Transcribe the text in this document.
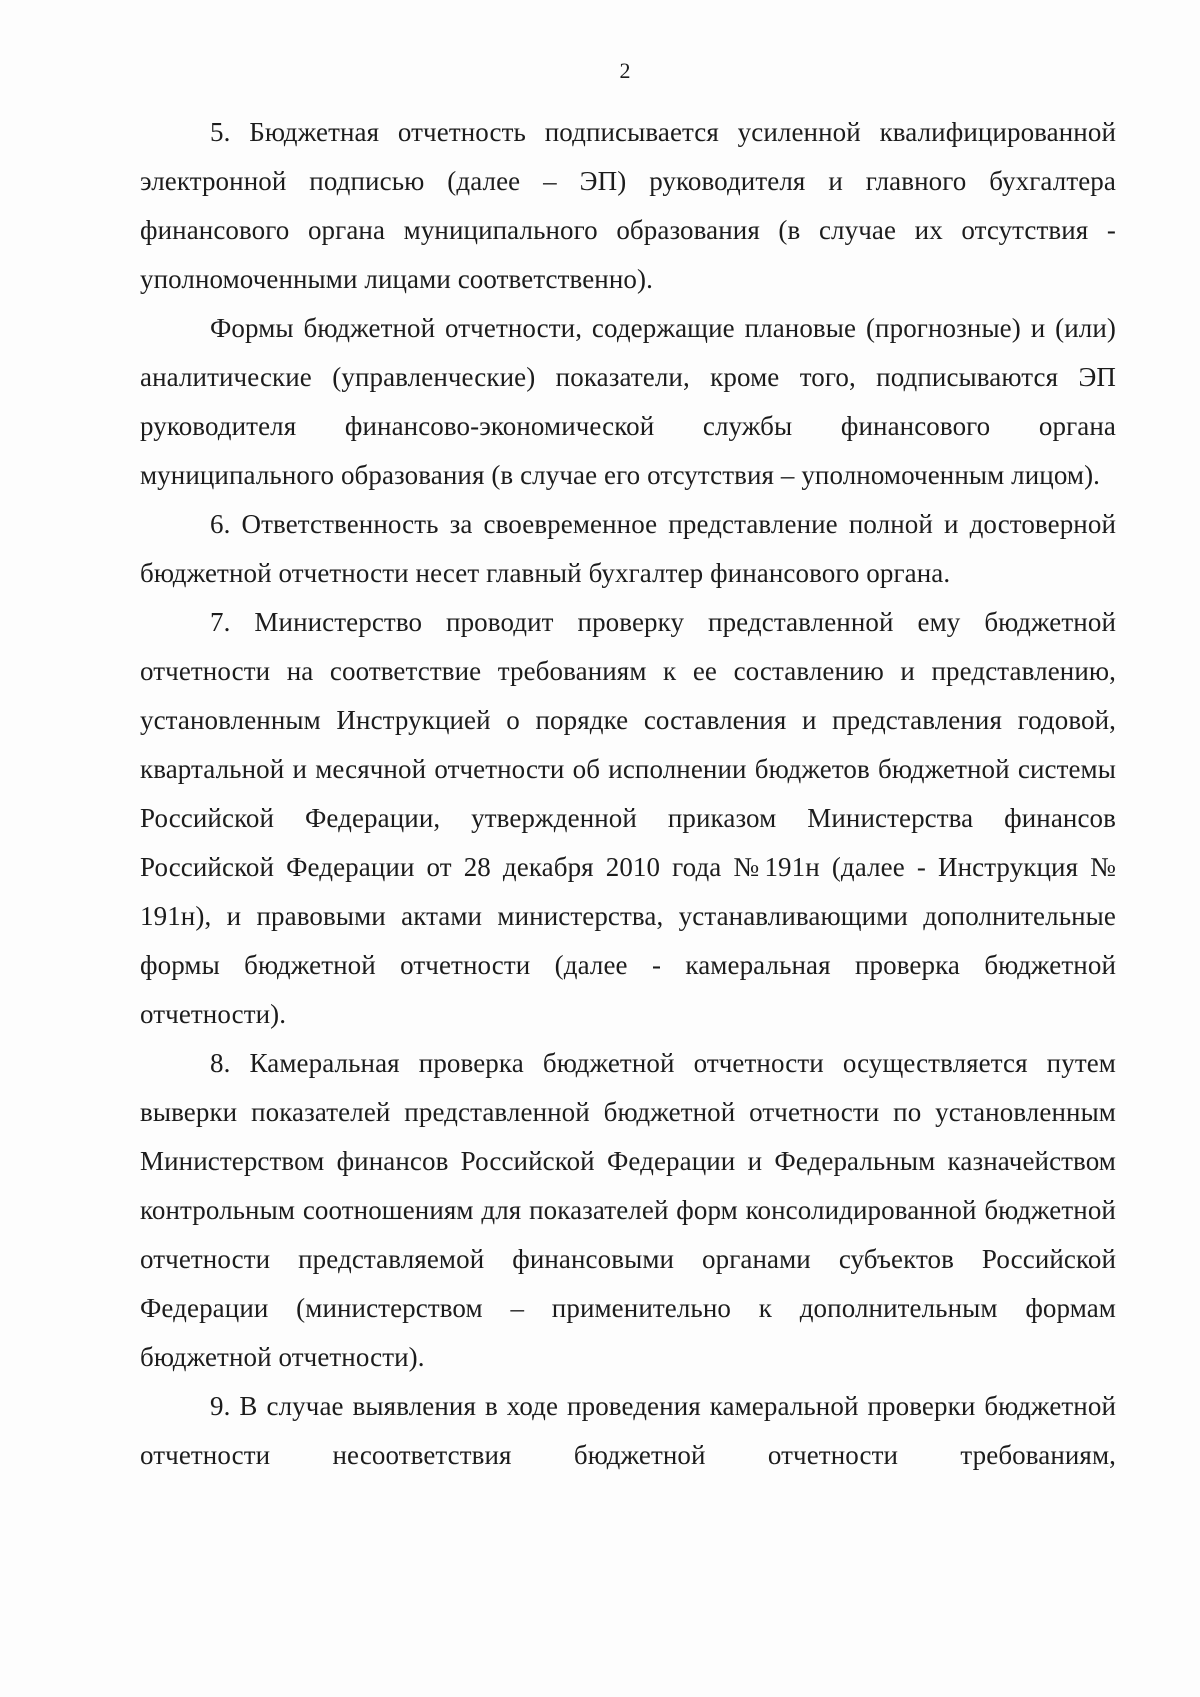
2

5. Бюджетная отчетность подписывается усиленной квалифицированной электронной подписью (далее – ЭП) руководителя и главного бухгалтера финансового органа муниципального образования (в случае их отсутствия - уполномоченными лицами соответственно).

Формы бюджетной отчетности, содержащие плановые (прогнозные) и (или) аналитические (управленческие) показатели, кроме того, подписываются ЭП руководителя финансово-экономической службы финансового органа муниципального образования (в случае его отсутствия – уполномоченным лицом).

6. Ответственность за своевременное представление полной и достоверной бюджетной отчетности несет главный бухгалтер финансового органа.

7. Министерство проводит проверку представленной ему бюджетной отчетности на соответствие требованиям к ее составлению и представлению, установленным Инструкцией о порядке составления и представления годовой, квартальной и месячной отчетности об исполнении бюджетов бюджетной системы Российской Федерации, утвержденной приказом Министерства финансов Российской Федерации от 28 декабря 2010 года №191н (далее - Инструкция № 191н), и правовыми актами министерства, устанавливающими дополнительные формы бюджетной отчетности (далее - камеральная проверка бюджетной отчетности).

8. Камеральная проверка бюджетной отчетности осуществляется путем выверки показателей представленной бюджетной отчетности по установленным Министерством финансов Российской Федерации и Федеральным казначейством контрольным соотношениям для показателей форм консолидированной бюджетной отчетности представляемой финансовыми органами субъектов Российской Федерации (министерством – применительно к дополнительным формам бюджетной отчетности).

9. В случае выявления в ходе проведения камеральной проверки бюджетной отчетности несоответствия бюджетной отчетности требованиям,
